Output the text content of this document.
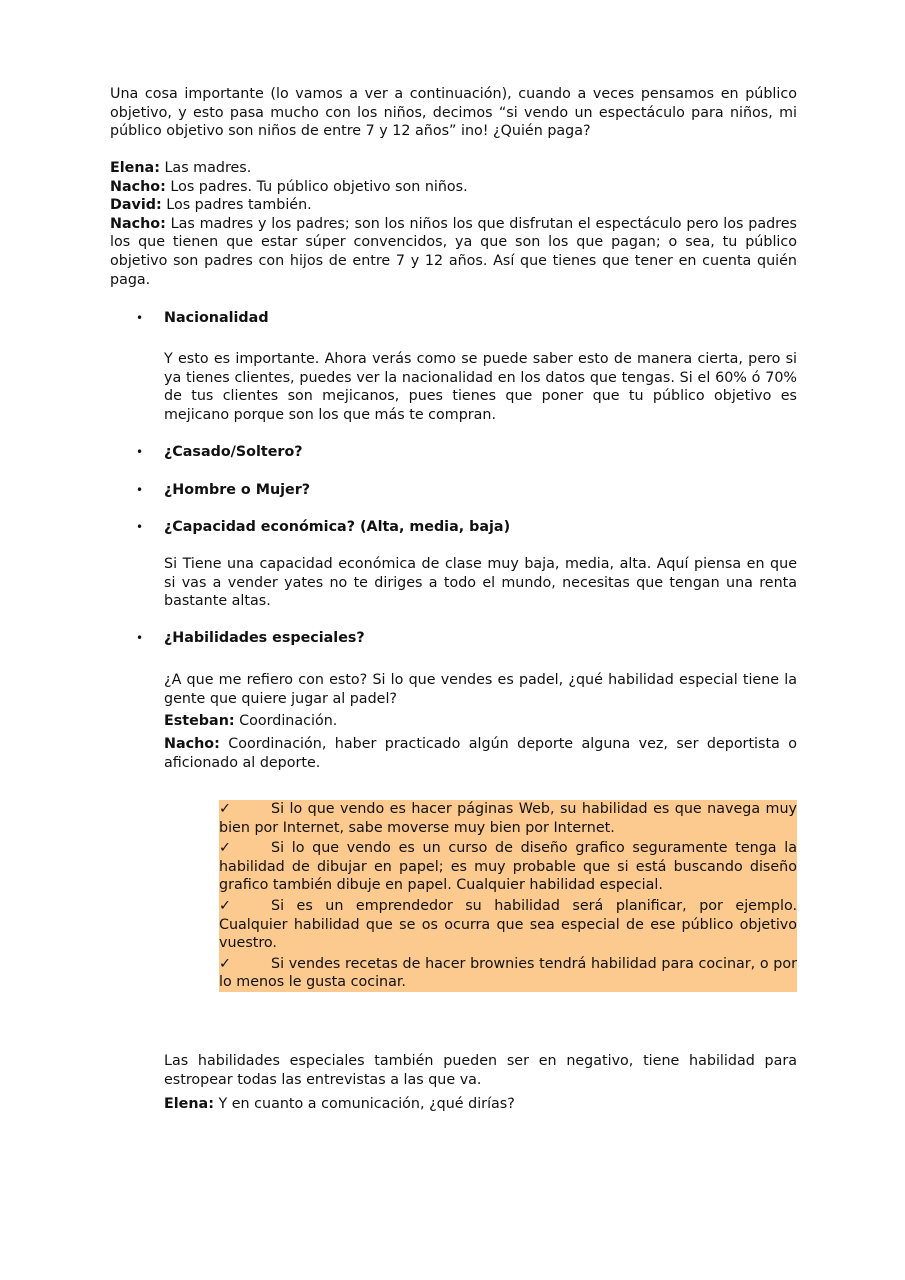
Una cosa importante (lo vamos a ver a continuación), cuando a veces pensamos en público objetivo, y esto pasa mucho con los niños, decimos “si vendo un espectáculo para niños, mi público objetivo son niños de entre 7 y 12 años” ino! ¿Quién paga?

Elena: Las madres.

Nacho: Los padres. Tu público objetivo son niños.

David: Los padres también.

Nacho: Las madres y los padres; son los niños los que disfrutan el espectáculo pero los padres los que tienen que estar súper convencidos, ya que son los que pagan; o sea, tu público objetivo son padres con hijos de entre 7 y 12 años. Así que tienes que tener en cuenta quién paga.

• Nacionalidad

Y esto es importante. Ahora verás como se puede saber esto de manera cierta, pero si ya tienes clientes, puedes ver la nacionalidad en los datos que tengas. Si el 60% ó 70% de tus clientes son mejicanos, pues tienes que poner que tu público objetivo es mejicano porque son los que más te compran.

• ¿Casado/Soltero?
• ¿Hombre o Mujer?
• ¿Capacidad económica? (Alta, media, baja)

Si Tiene una capacidad económica de clase muy baja, media, alta. Aquí piensa en que si vas a vender yates no te diriges a todo el mundo, necesitas que tengan una renta bastante altas.

• ¿Habilidades especiales?

¿A que me refiero con esto? Si lo que vendes es padel, ¿qué habilidad especial tiene la gente que quiere jugar al padel?

Esteban: Coordinación.

Nacho: Coordinación, haber practicado algún deporte alguna vez, ser deportista o aficionado al deporte.

✓	Si lo que vendo es hacer páginas Web, su habilidad es que navega muy bien por Internet, sabe moverse muy bien por Internet.
✓	Si lo que vendo es un curso de diseño grafico seguramente tenga la habilidad de dibujar en papel; es muy probable que si está buscando diseño grafico también dibuje en papel. Cualquier habilidad especial.
✓	Si es un emprendedor su habilidad será planificar, por ejemplo. Cualquier habilidad que se os ocurra que sea especial de ese público objetivo vuestro.
✓	Si vendes recetas de hacer brownies tendrá habilidad para cocinar, o por lo menos le gusta cocinar.

Las habilidades especiales también pueden ser en negativo, tiene habilidad para estropear todas las entrevistas a las que va.

Elena: Y en cuanto a comunicación, ¿qué dirías?
